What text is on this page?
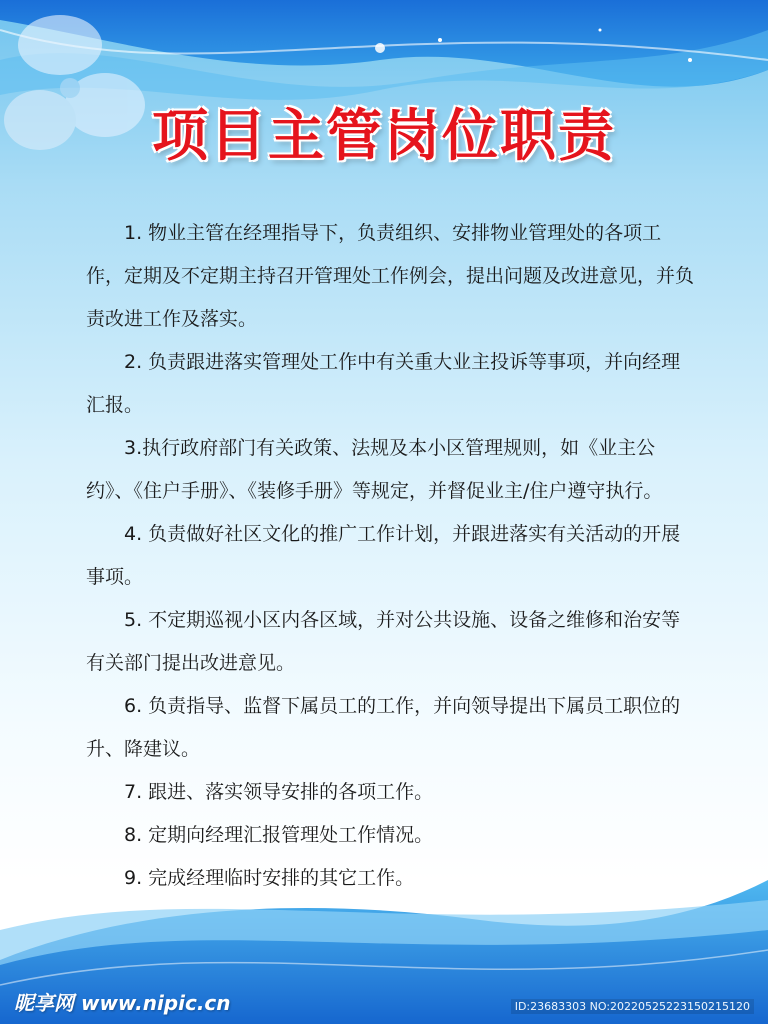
项目主管岗位职责

1. 物业主管在经理指导下，负责组织、安排物业管理处的各项工作，定期及不定期主持召开管理处工作例会，提出问题及改进意见，并负责改进工作及落实。

2. 负责跟进落实管理处工作中有关重大业主投诉等事项，并向经理汇报。

3.执行政府部门有关政策、法规及本小区管理规则，如《业主公约》、《住户手册》、《装修手册》等规定，并督促业主/住户遵守执行。

4. 负责做好社区文化的推广工作计划，并跟进落实有关活动的开展事项。

5. 不定期巡视小区内各区域，并对公共设施、设备之维修和治安等有关部门提出改进意见。

6. 负责指导、监督下属员工的工作，并向领导提出下属员工职位的升、降建议。

7. 跟进、落实领导安排的各项工作。

8. 定期向经理汇报管理处工作情况。

9. 完成经理临时安排的其它工作。

昵享网 www.nipic.cn	ID:23683303 NO:20220525223150215120
